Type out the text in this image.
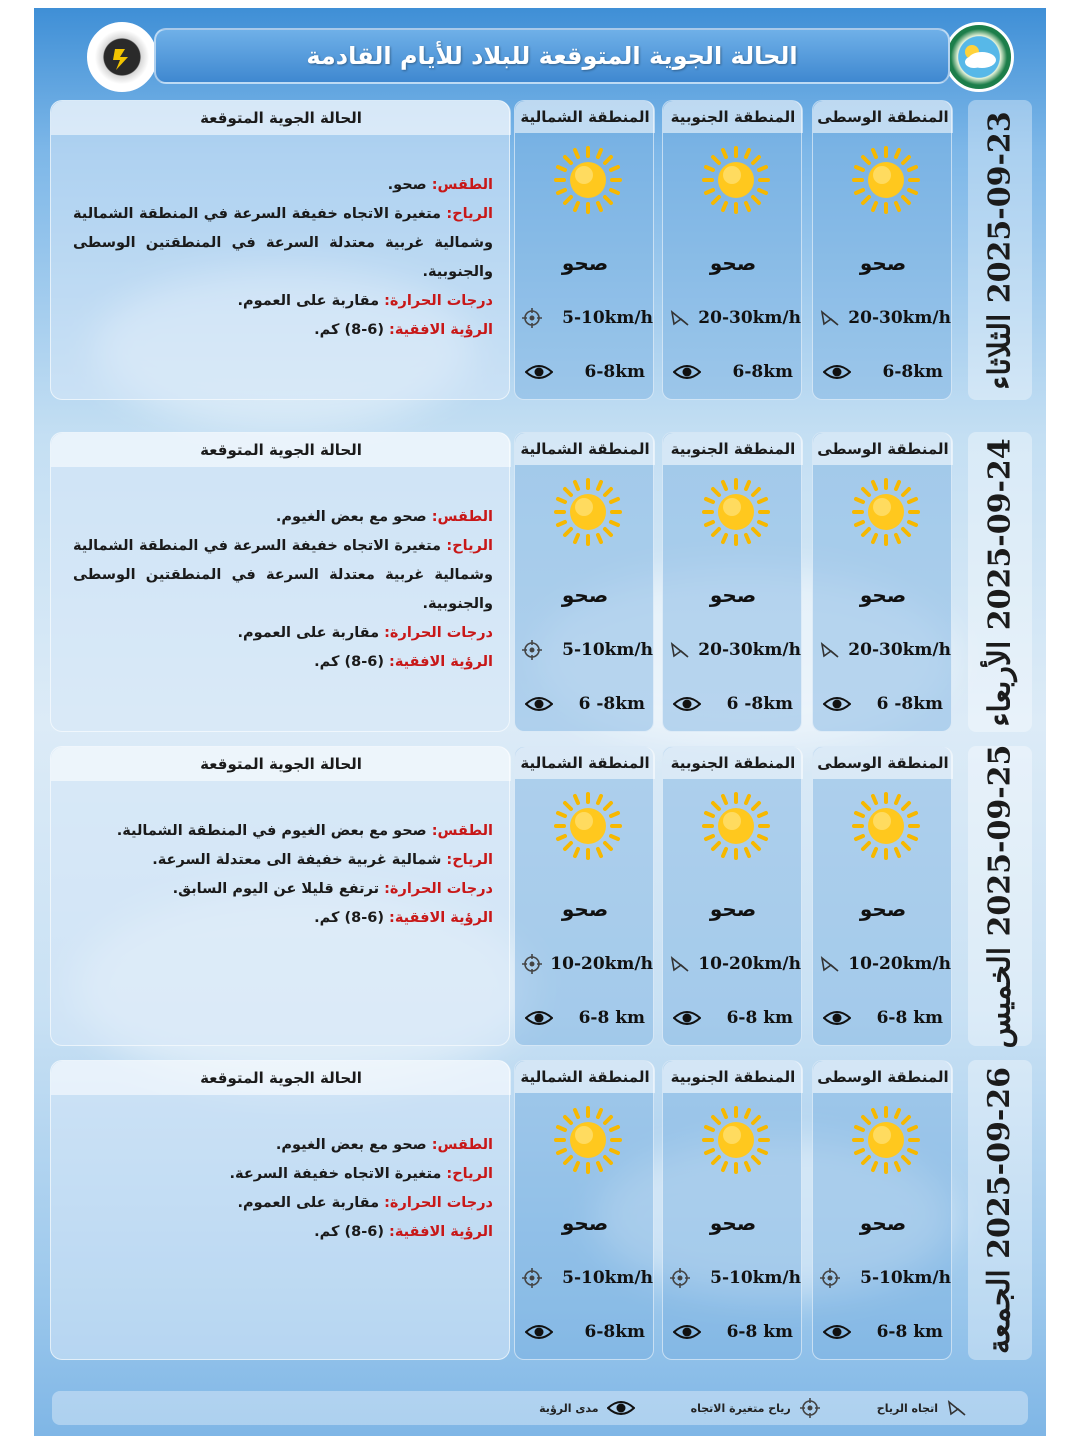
الحالة الجوية المتوقعة للبلاد للأيام القادمة
2025-09-23 الثلاثاء
المنطقة الوسطى
صحو
20-30km/h
6-8km
المنطقة الجنوبية
صحو
20-30km/h
6-8km
المنطقة الشمالية
صحو
5-10km/h
6-8km
الحالة الجوية المتوقعة

الطقس: صحو.

الرياح: متغيرة الاتجاه خفيفة السرعة في المنطقة الشمالية وشمالية غربية معتدلة السرعة في المنطقتين الوسطى والجنوبية.

درجات الحرارة: مقاربة على العموم.

الرؤية الافقية: (6-8) كم.

2025-09-24 الأربعاء
المنطقة الوسطى
صحو
20-30km/h
6 -8km
المنطقة الجنوبية
صحو
20-30km/h
6 -8km
المنطقة الشمالية
صحو
5-10km/h
6 -8km
الحالة الجوية المتوقعة

الطقس: صحو مع بعض الغيوم.

الرياح: متغيرة الاتجاه خفيفة السرعة في المنطقة الشمالية وشمالية غربية معتدلة السرعة في المنطقتين الوسطى والجنوبية.

درجات الحرارة: مقاربة على العموم.

الرؤية الافقية: (6-8) كم.

2025-09-25 الخميس
المنطقة الوسطى
صحو
10-20km/h
6-8 km
المنطقة الجنوبية
صحو
10-20km/h
6-8 km
المنطقة الشمالية
صحو
10-20km/h
6-8 km
الحالة الجوية المتوقعة

الطقس: صحو مع بعض الغيوم في المنطقة الشمالية.

الرياح: شمالية غربية خفيفة الى معتدلة السرعة.

درجات الحرارة: ترتفع قليلا عن اليوم السابق.

الرؤية الافقية: (6-8) كم.

2025-09-26 الجمعة
المنطقة الوسطى
صحو
5-10km/h
6-8 km
المنطقة الجنوبية
صحو
5-10km/h
6-8 km
المنطقة الشمالية
صحو
5-10km/h
6-8km
الحالة الجوية المتوقعة

الطقس: صحو مع بعض الغيوم.

الرياح: متغيرة الاتجاه خفيفة السرعة.

درجات الحرارة: مقاربة على العموم.

الرؤية الافقية: (6-8) كم.

اتجاه الرياح
رياح متغيرة الاتجاه
مدى الرؤية
